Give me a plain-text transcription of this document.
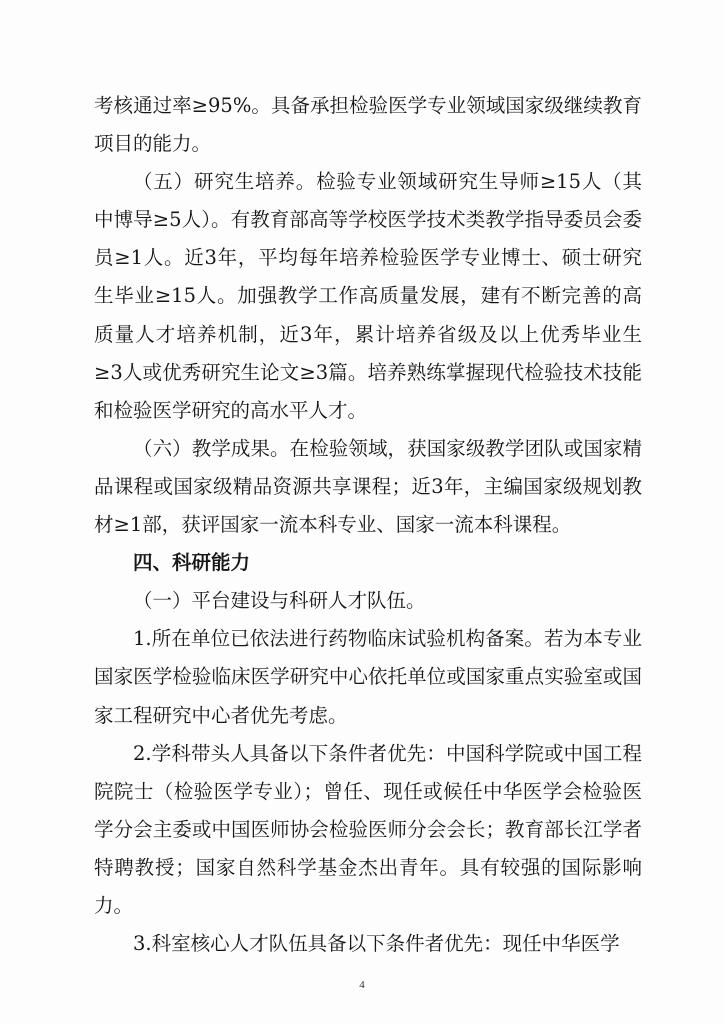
考核通过率≥95%。具备承担检验医学专业领域国家级继续教育项目的能力。

（五）研究生培养。检验专业领域研究生导师≥15人（其中博导≥5人）。有教育部高等学校医学技术类教学指导委员会委员≥1人。近3年，平均每年培养检验医学专业博士、硕士研究生毕业≥15人。加强教学工作高质量发展，建有不断完善的高质量人才培养机制，近3年，累计培养省级及以上优秀毕业生≥3人或优秀研究生论文≥3篇。培养熟练掌握现代检验技术技能和检验医学研究的高水平人才。

（六）教学成果。在检验领域，获国家级教学团队或国家精品课程或国家级精品资源共享课程；近3年，主编国家级规划教材≥1部，获评国家一流本科专业、国家一流本科课程。

四、科研能力

（一）平台建设与科研人才队伍。

1.所在单位已依法进行药物临床试验机构备案。若为本专业国家医学检验临床医学研究中心依托单位或国家重点实验室或国家工程研究中心者优先考虑。

2.学科带头人具备以下条件者优先：中国科学院或中国工程院院士（检验医学专业）；曾任、现任或候任中华医学会检验医学分会主委或中国医师协会检验医师分会会长；教育部长江学者特聘教授；国家自然科学基金杰出青年。具有较强的国际影响力。

3.科室核心人才队伍具备以下条件者优先：现任中华医学

4
